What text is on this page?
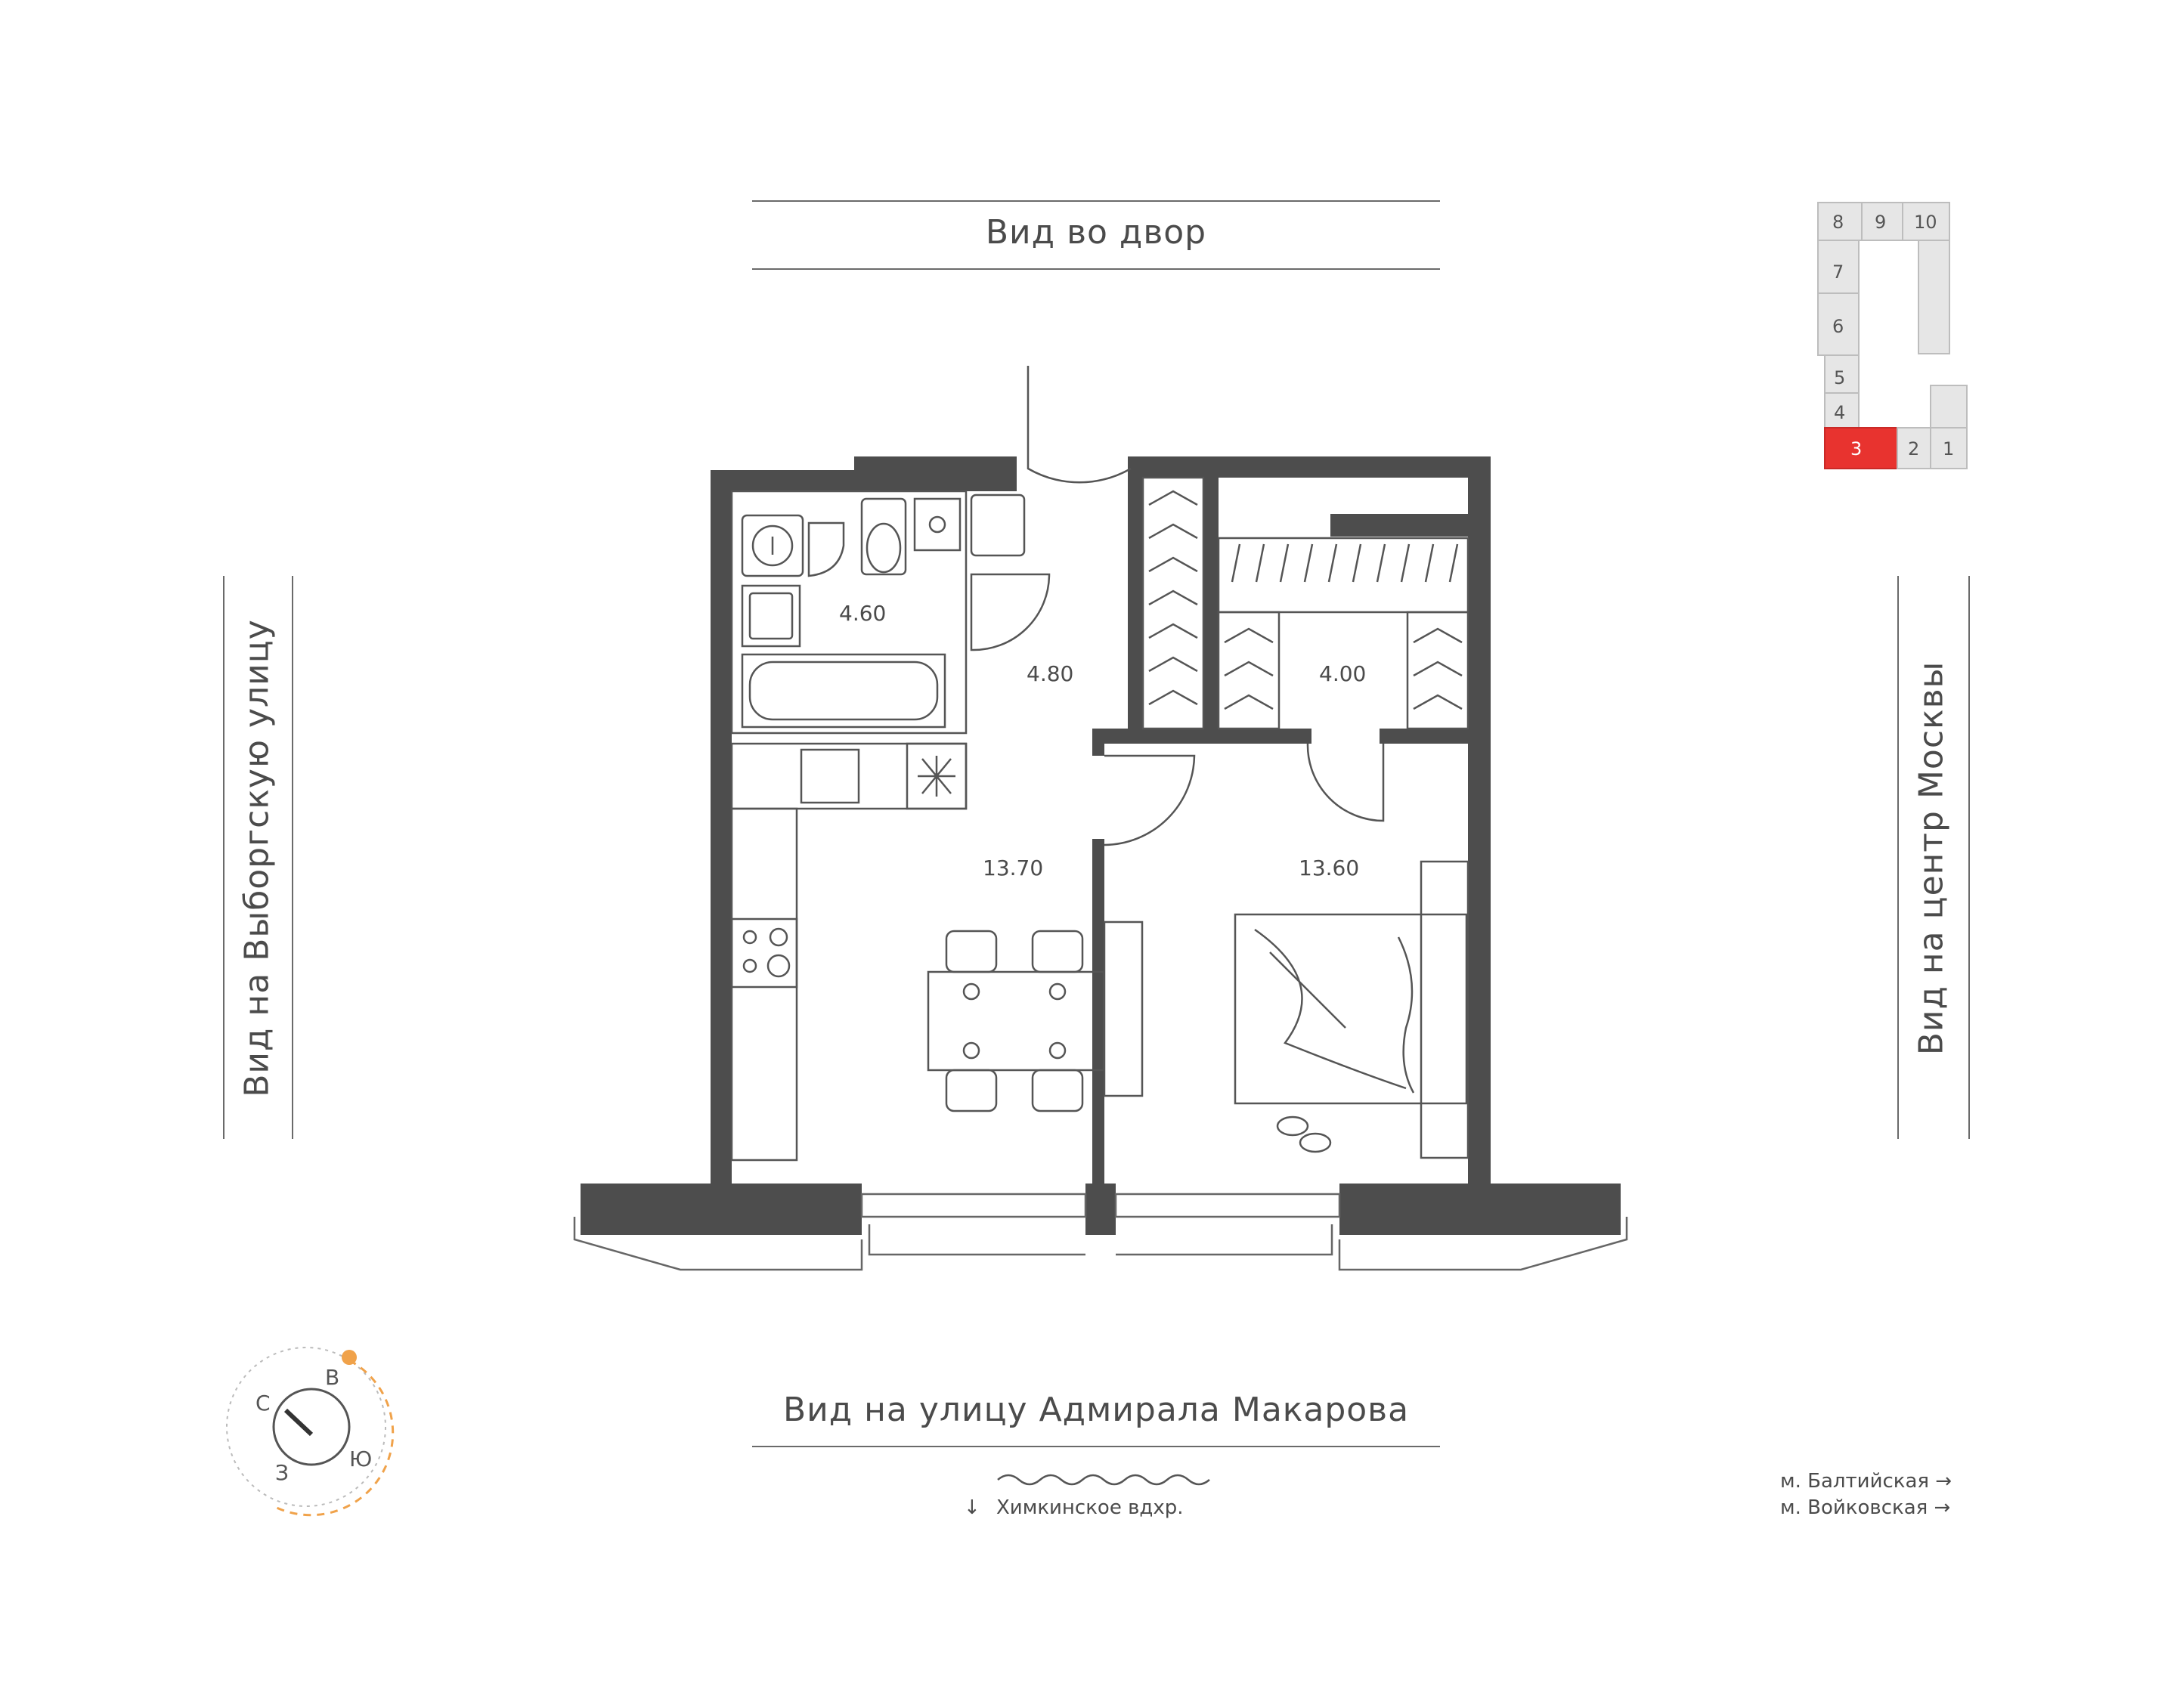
Вид во двор
Вид на улицу Адмирала Макарова
Вид на Выборгскую улицу	Вид на центр Москвы
8 9 10
7
6
5
4
3	2 1
С
В
Ю
З
4.60
4.80	4.00
13.70	13.60
↓ Химкинское вдхр.
м. Балтийская →
м. Войковская →
